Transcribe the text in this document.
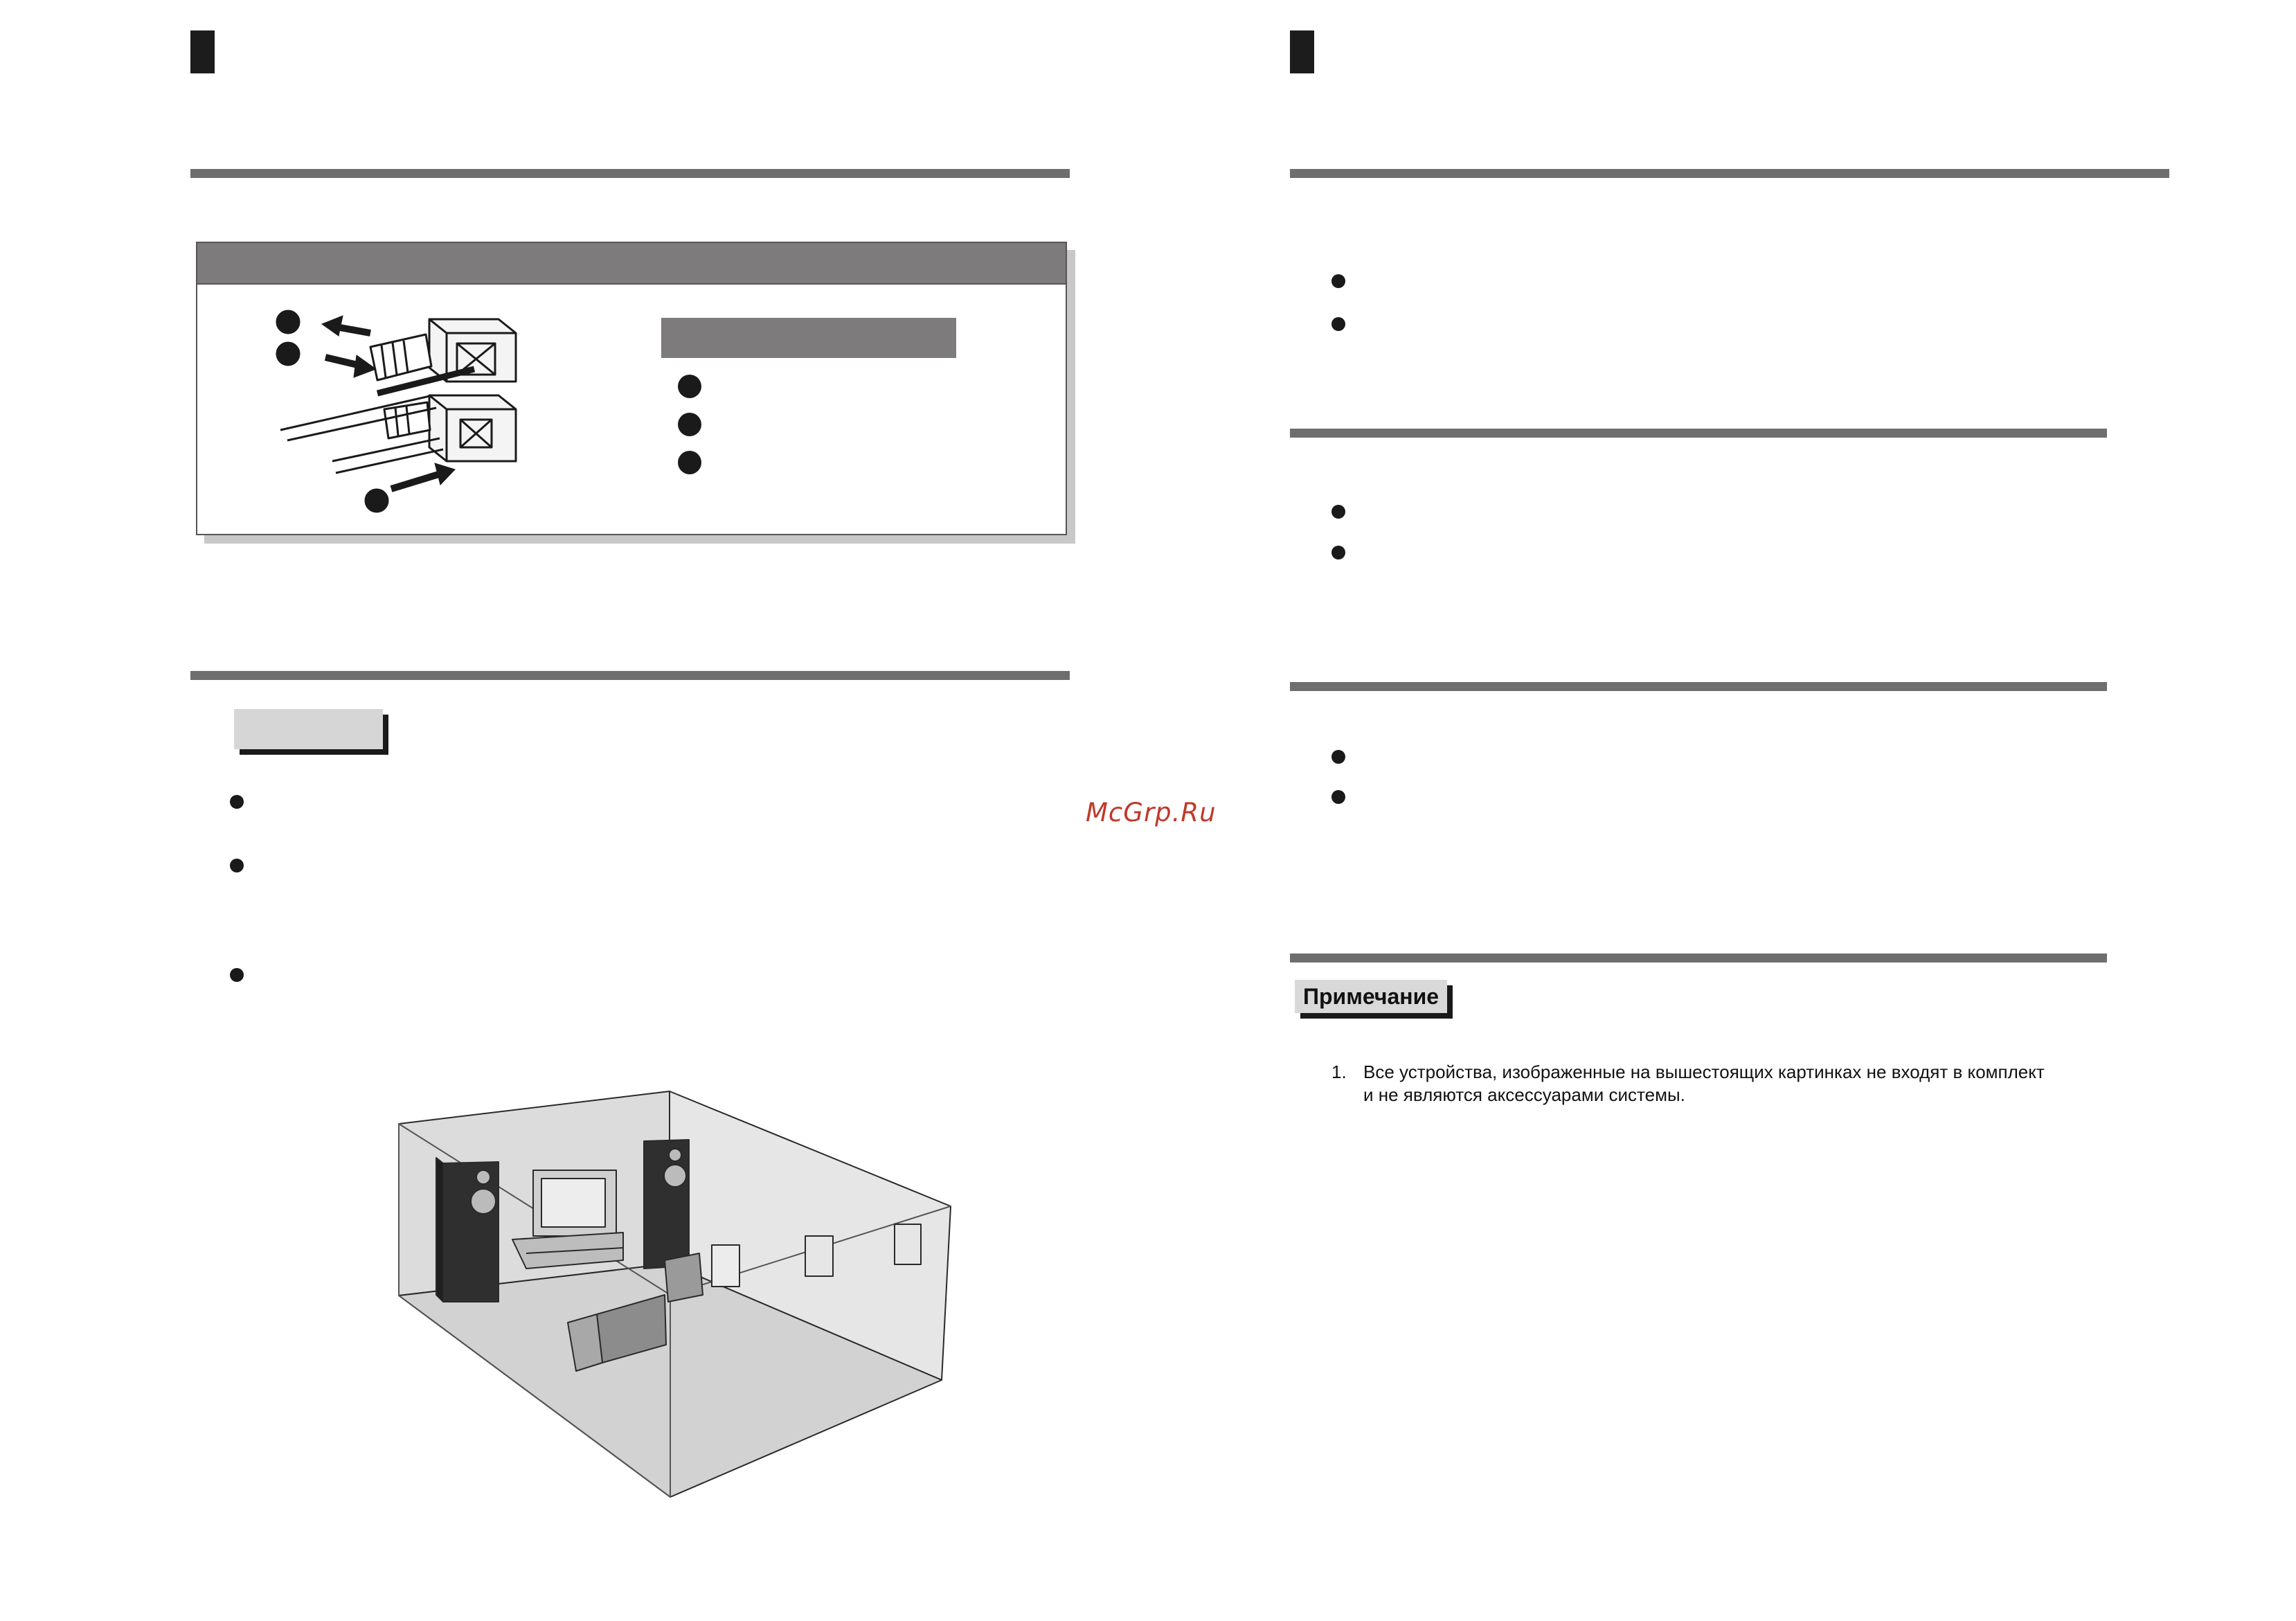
McGrp.Ru
Примечание
1. Все устройства, изображенные на вышестоящих картинках не входят в комплект
и не являются аксессуарами системы.
